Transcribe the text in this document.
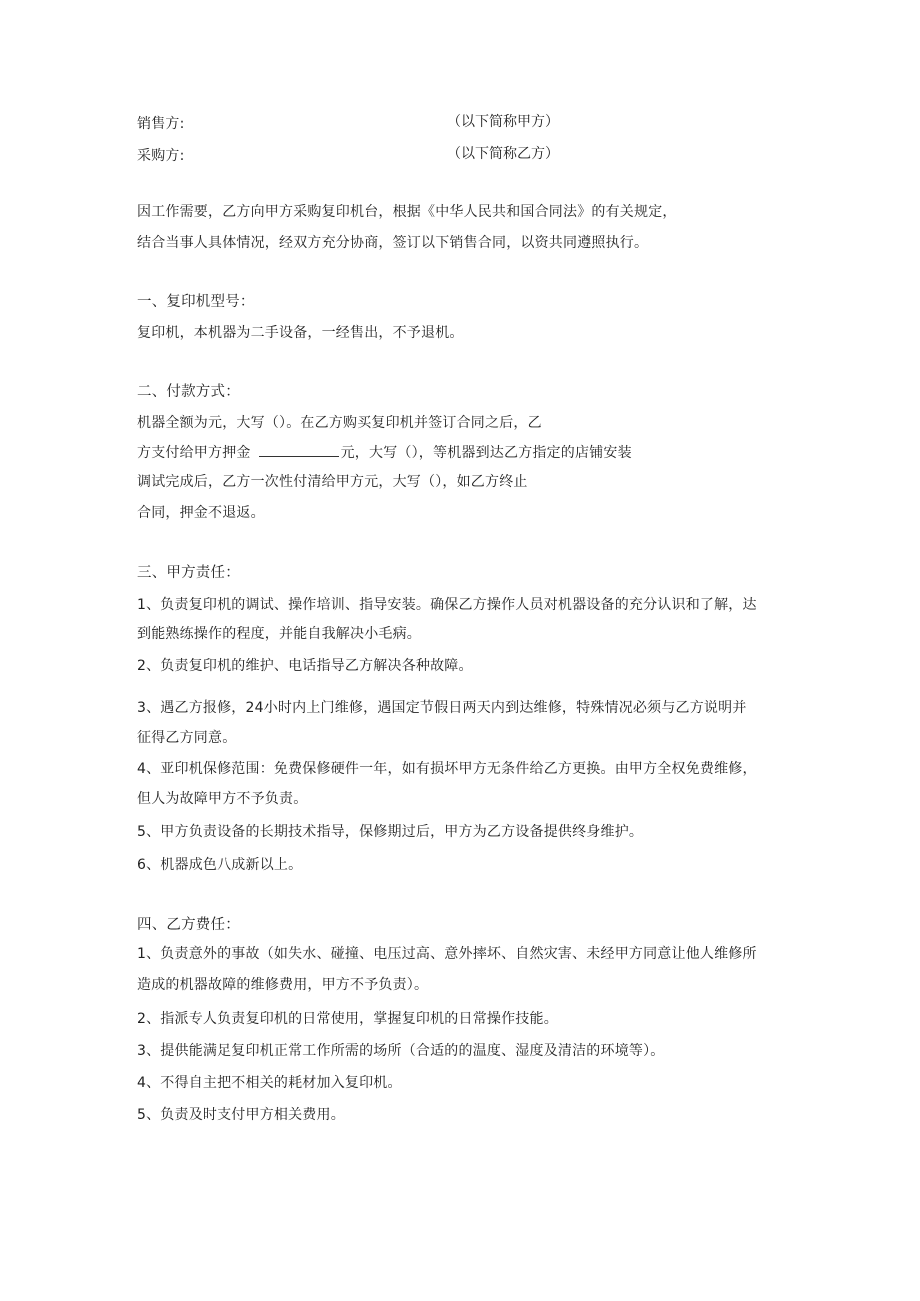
销售方:	（以下简称甲方）
采购方:	（以下简称乙方）
因工作需要，乙方向甲方采购复印机台，根据《中华人民共和国合同法》的有关规定，
结合当事人具体情况，经双方充分协商，签订以下销售合同，以资共同遵照执行。
一、复印机型号：
复印机，本机器为二手设备，一经售出，不予退机。
二、付款方式：
机器全额为元，大写（）。在乙方购买复印机并签订合同之后，乙
方支付给甲方押金	元，大写（），等机器到达乙方指定的店铺安装
调试完成后，乙方一次性付清给甲方元，大写（），如乙方终止
合同，押金不退返。
三、甲方责任：
1、负责复印机的调试、操作培训、指导安装。确保乙方操作人员对机器设备的充分认识和了解，达
到能熟练操作的程度，并能自我解决小毛病。
2、负责复印机的维护、电话指导乙方解决各种故障。
3、遇乙方报修，24小时内上门维修，遇国定节假日两天内到达维修，特殊情况必须与乙方说明并
征得乙方同意。
4、亚印机保修范围：免费保修硬件一年，如有损坏甲方无条件给乙方更换。由甲方全权免费维修，
但人为故障甲方不予负责。
5、甲方负责设备的长期技术指导，保修期过后，甲方为乙方设备提供终身维护。
6、机器成色八成新以上。
四、乙方费任：
1、负责意外的事故（如失水、碰撞、电压过高、意外摔坏、自然灾害、未经甲方同意让他人维修所
造成的机器故障的维修费用，甲方不予负责）。
2、指派专人负责复印机的日常使用，掌握复印机的日常操作技能。
3、提供能满足复印机正常工作所需的场所（合适的的温度、湿度及清洁的环境等）。
4、不得自主把不相关的耗材加入复印机。
5、负责及时支付甲方相关费用。
